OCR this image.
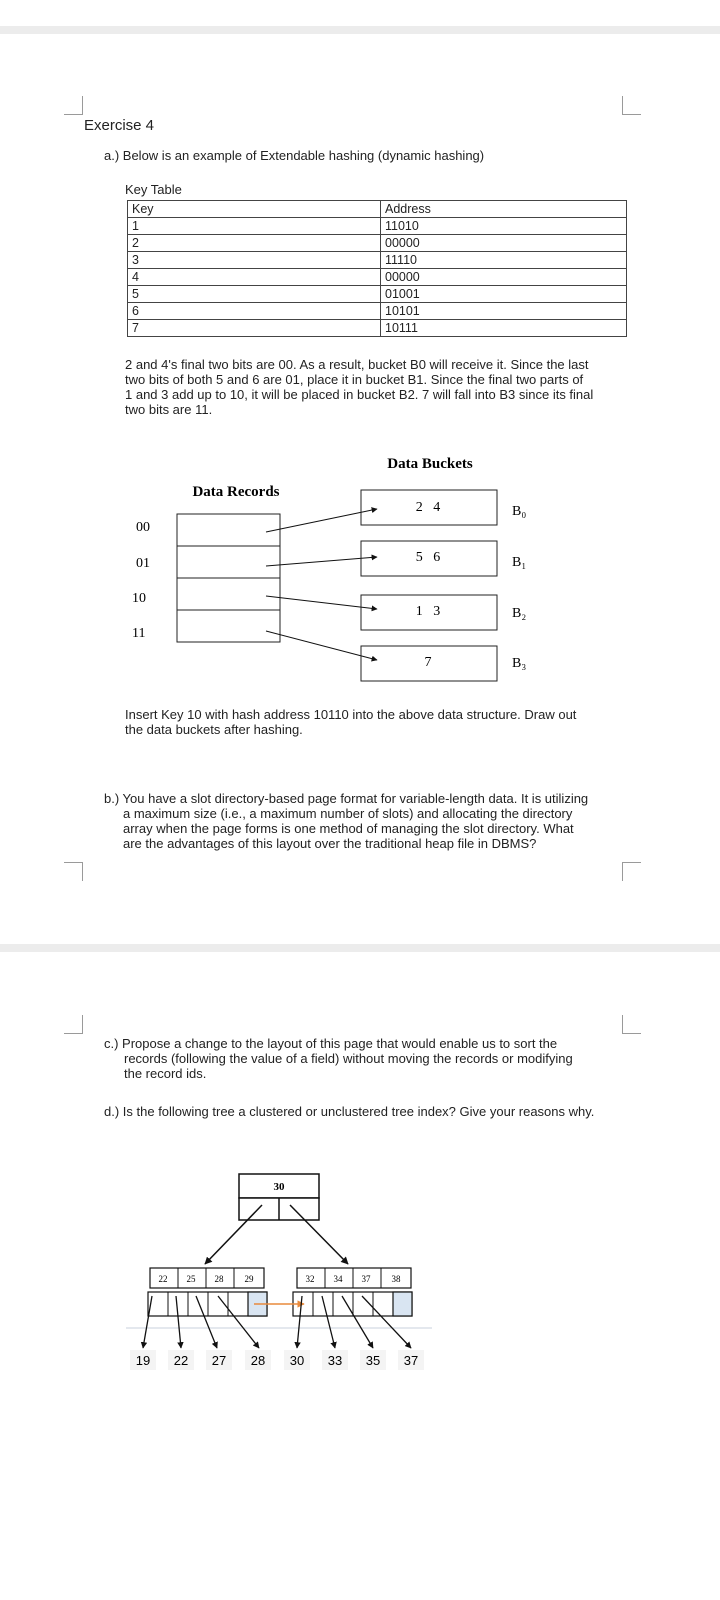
Exercise 4
a.) Below is an example of Extendable hashing (dynamic hashing)
Key Table
Key	Address
1	11010
2	00000
3	11110
4	00000
5	01001
6	10101
7	10111
2 and 4's final two bits are 00. As a result, bucket B0 will receive it. Since the last
two bits of both 5 and 6 are 01, place it in bucket B1. Since the final two parts of
1 and 3 add up to 10, it will be placed in bucket B2. 7 will fall into B3 since its final
two bits are 11.
Data Buckets
Data Records
00
01
10
11
2   4
5   6
1   3
7
B₀
B₁
B₂
B₃
Insert Key 10 with hash address 10110 into the above data structure. Draw out
the data buckets after hashing.
b.) You have a slot directory-based page format for variable-length data. It is utilizing
a maximum size (i.e., a maximum number of slots) and allocating the directory
array when the page forms is one method of managing the slot directory. What
are the advantages of this layout over the traditional heap file in DBMS?
c.) Propose a change to the layout of this page that would enable us to sort the
records (following the value of a field) without moving the records or modifying
the record ids.
d.) Is the following tree a clustered or unclustered tree index? Give your reasons why.
30
22 25 28 29	32 34 37 38
19 22 27 28 30 33 35 37
